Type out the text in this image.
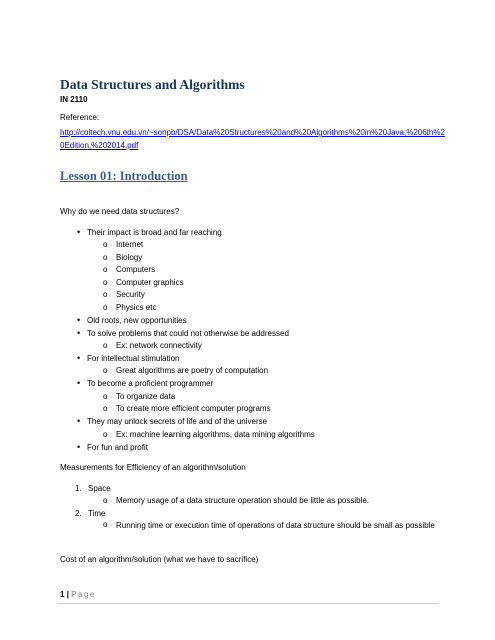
Data Structures and Algorithms
IN 2110
Reference:
http://coltech.vnu.edu.vn/~sonpb/DSA/Data%20Structures%20and%20Algorithms%20in%20Java,%206th%20Edition,%202014.pdf
Lesson 01: Introduction
Why do we need data structures?
• Their impact is broad and far reaching
o Internet
o Biology
o Computers
o Computer graphics
o Security
o Physics etc
• Old roots, new opportunities
• To solve problems that could not otherwise be addressed
o Ex: network connectivity
• For intellectual stimulation
o Great algorithms are poetry of computation
• To become a proficient programmer
o To organize data
o To create more efficient computer programs
• They may unlock secrets of life and of the universe
o Ex: machine learning algorithms, data mining algorithms
• For fun and profit
Measurements for Efficiency of an algorithm/solution
1. Space
o Memory usage of a data structure operation should be little as possible.
2. Time
o	Running time or execution time of operations of data structure should be small as possible
Cost of an algorithm/solution (what we have to sacrifice)
1 | Page
